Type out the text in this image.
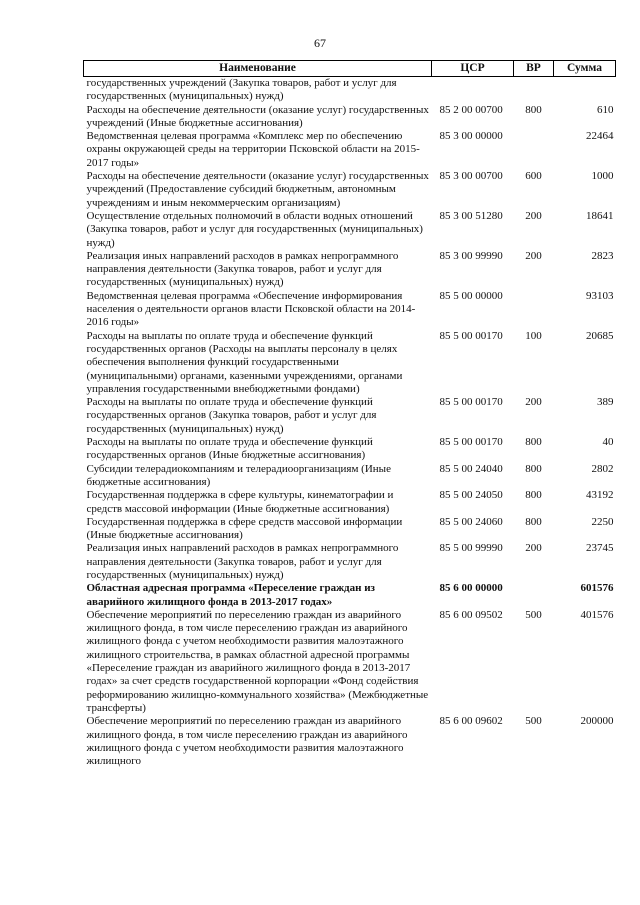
67
Наименование	ЦСР	ВР	Сумма
государственных учреждений (Закупка товаров, работ и услуг для государственных (муниципальных) нужд)			
Расходы на обеспечение деятельности (оказание услуг) государственных учреждений (Иные бюджетные ассигнования)	85 2 00 00700	800	610
Ведомственная целевая программа «Комплекс мер по обеспечению охраны окружающей среды на территории Псковской области на 2015-2017 годы»	85 3 00 00000		22464
Расходы на обеспечение деятельности (оказание услуг) государственных учреждений (Предоставление субсидий бюджетным, автономным учреждениям и иным некоммерческим организациям)	85 3 00 00700	600	1000
Осуществление отдельных полномочий в области водных отношений (Закупка товаров, работ и услуг для государственных (муниципальных) нужд)	85 3 00 51280	200	18641
Реализация иных направлений расходов в рамках непрограммного направления деятельности (Закупка товаров, работ и услуг для государственных (муниципальных) нужд)	85 3 00 99990	200	2823
Ведомственная целевая программа «Обеспечение информирования населения о деятельности органов власти Псковской области на 2014-2016 годы»	85 5 00 00000		93103
Расходы на выплаты по оплате труда и обеспечение функций государственных органов (Расходы на выплаты персоналу в целях обеспечения выполнения функций государственными (муниципальными) органами, казенными учреждениями, органами управления государственными внебюджетными фондами)	85 5 00 00170	100	20685
Расходы на выплаты по оплате труда и обеспечение функций государственных органов (Закупка товаров, работ и услуг для государственных (муниципальных) нужд)	85 5 00 00170	200	389
Расходы на выплаты по оплате труда и обеспечение функций государственных органов (Иные бюджетные ассигнования)	85 5 00 00170	800	40
Субсидии телерадиокомпаниям и телерадиоорганизациям (Иные бюджетные ассигнования)	85 5 00 24040	800	2802
Государственная поддержка в сфере культуры, кинематографии и средств массовой информации (Иные бюджетные ассигнования)	85 5 00 24050	800	43192
Государственная поддержка в сфере средств массовой информации (Иные бюджетные ассигнования)	85 5 00 24060	800	2250
Реализация иных направлений расходов в рамках непрограммного направления деятельности (Закупка товаров, работ и услуг для государственных (муниципальных) нужд)	85 5 00 99990	200	23745
Областная адресная программа «Переселение граждан из аварийного жилищного фонда в 2013-2017 годах»	85 6 00 00000		601576
Обеспечение мероприятий по переселению граждан из аварийного жилищного фонда, в том числе переселению граждан из аварийного жилищного фонда с учетом необходимости развития малоэтажного жилищного строительства, в рамках областной адресной программы «Переселение граждан из аварийного жилищного фонда в 2013-2017 годах» за счет средств государственной корпорации «Фонд содействия реформированию жилищно-коммунального хозяйства» (Межбюджетные трансферты)	85 6 00 09502	500	401576
Обеспечение мероприятий по переселению граждан из аварийного жилищного фонда, в том числе переселению граждан из аварийного жилищного фонда с учетом необходимости развития малоэтажного жилищного	85 6 00 09602	500	200000
